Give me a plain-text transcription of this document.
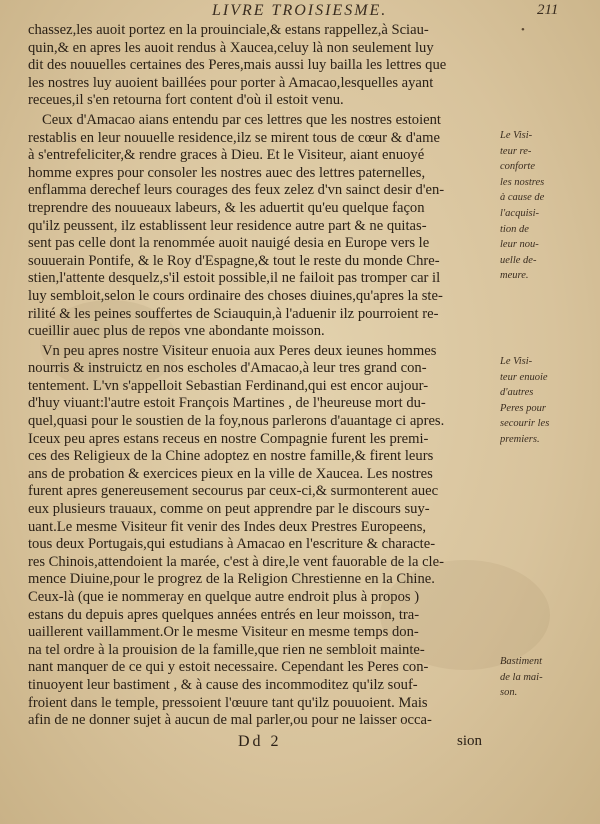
LIVRE TROISIESME.	211
•
chassez,les auoit portez en la prouinciale,& estans rappellez,à Sciau-
quin,& en apres les auoit rendus à Xaucea,celuy là non seulement luy
dit des nouuelles certaines des Peres,mais aussi luy bailla les lettres que
les nostres luy auoient baillées pour porter à Amacao,lesquelles ayant
receues,il s'en retourna fort content d'où il estoit venu.
Ceux d'Amacao aians entendu par ces lettres que les nostres estoient
restablis en leur nouuelle residence,ilz se mirent tous de cœur & d'ame
à s'entrefeliciter,& rendre graces à Dieu. Et le Visiteur, aiant enuoyé
homme expres pour consoler les nostres auec des lettres paternelles,
enflamma derechef leurs courages des feux zelez d'vn sainct desir d'en-
treprendre des nouueaux labeurs, & les aduertit qu'eu quelque façon
qu'ilz peussent, ilz establissent leur residence autre part & ne quitas-
sent pas celle dont la renommée auoit nauigé desia en Europe vers le
souuerain Pontife, & le Roy d'Espagne,& tout le reste du monde Chre-
stien,l'attente desquelz,s'il estoit possible,il ne failoit pas tromper car il
luy sembloit,selon le cours ordinaire des choses diuines,qu'apres la ste-
rilité & les peines souffertes de Sciauquin,à l'aduenir ilz pourroient re-
cueillir auec plus de repos vne abondante moisson.
Vn peu apres nostre Visiteur enuoia aux Peres deux ieunes hommes
nourris & instruictz en nos escholes d'Amacao,à leur tres grand con-
tentement. L'vn s'appelloit Sebastian Ferdinand,qui est encor aujour-
d'huy viuant:l'autre estoit François Martines , de l'heureuse mort du-
quel,quasi pour le soustien de la foy,nous parlerons d'auantage ci apres.
Iceux peu apres estans receus en nostre Compagnie furent les premi-
ces des Religieux de la Chine adoptez en nostre famille,& firent leurs
ans de probation & exercices pieux en la ville de Xaucea. Les nostres
furent apres genereusement secourus par ceux-ci,& surmonterent auec
eux plusieurs trauaux, comme on peut apprendre par le discours suy-
uant.Le mesme Visiteur fit venir des Indes deux Prestres Europeens,
tous deux Portugais,qui estudians à Amacao en l'escriture & characte-
res Chinois,attendoient la marée, c'est à dire,le vent fauorable de la cle-
mence Diuine,pour le progrez de la Religion Chrestienne en la Chine.
Ceux-là (que ie nommeray en quelque autre endroit plus à propos )
estans du depuis apres quelques années entrés en leur moisson, tra-
uaillerent vaillamment.Or le mesme Visiteur en mesme temps don-
na tel ordre à la prouision de la famille,que rien ne sembloit mainte-
nant manquer de ce qui y estoit necessaire. Cependant les Peres con-
tinuoyent leur bastiment , & à cause des incommoditez qu'ilz souf-
froient dans le temple, pressoient l'œuure tant qu'ilz pouuoient. Mais
afin de ne donner sujet à aucun de mal parler,ou pour ne laisser occa-
Le Visi-
teur re-
conforte
les nostres
à cause de
l'acquisi-
tion de
leur nou-
uelle de-
meure.
Le Visi-
teur enuoie
d'autres
Peres pour
secourir les
premiers.
Bastiment
de la mai-
son.
Dd 2	sion
